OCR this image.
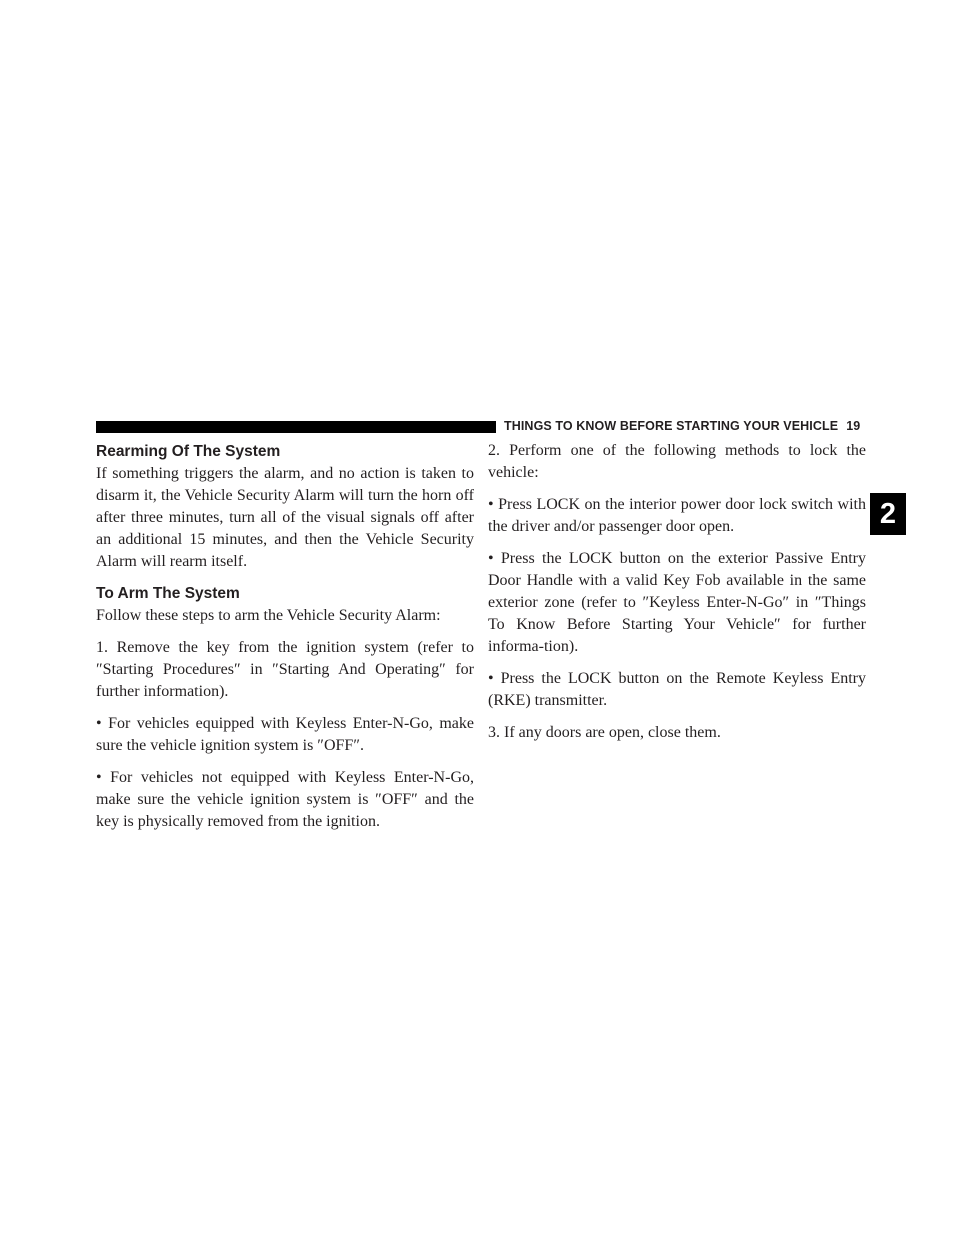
THINGS TO KNOW BEFORE STARTING YOUR VEHICLE 19
2
Rearming Of The System

If something triggers the alarm, and no action is taken to disarm it, the Vehicle Security Alarm will turn the horn off after three minutes, turn all of the visual signals off after an additional 15 minutes, and then the Vehicle Security Alarm will rearm itself.

To Arm The System

Follow these steps to arm the Vehicle Security Alarm:

1. Remove the key from the ignition system (refer to ″Starting Procedures″ in ″Starting And Operating″ for further information).

• For vehicles equipped with Keyless Enter-N-Go, make sure the vehicle ignition system is ″OFF″.

• For vehicles not equipped with Keyless Enter-N-Go, make sure the vehicle ignition system is ″OFF″ and the key is physically removed from the ignition.

2. Perform one of the following methods to lock the vehicle:

• Press LOCK on the interior power door lock switch with the driver and/or passenger door open.

• Press the LOCK button on the exterior Passive Entry Door Handle with a valid Key Fob available in the same exterior zone (refer to ″Keyless Enter-N-Go″ in ″Things To Know Before Starting Your Vehicle″ for further informa-tion).

• Press the LOCK button on the Remote Keyless Entry (RKE) transmitter.

3. If any doors are open, close them.
